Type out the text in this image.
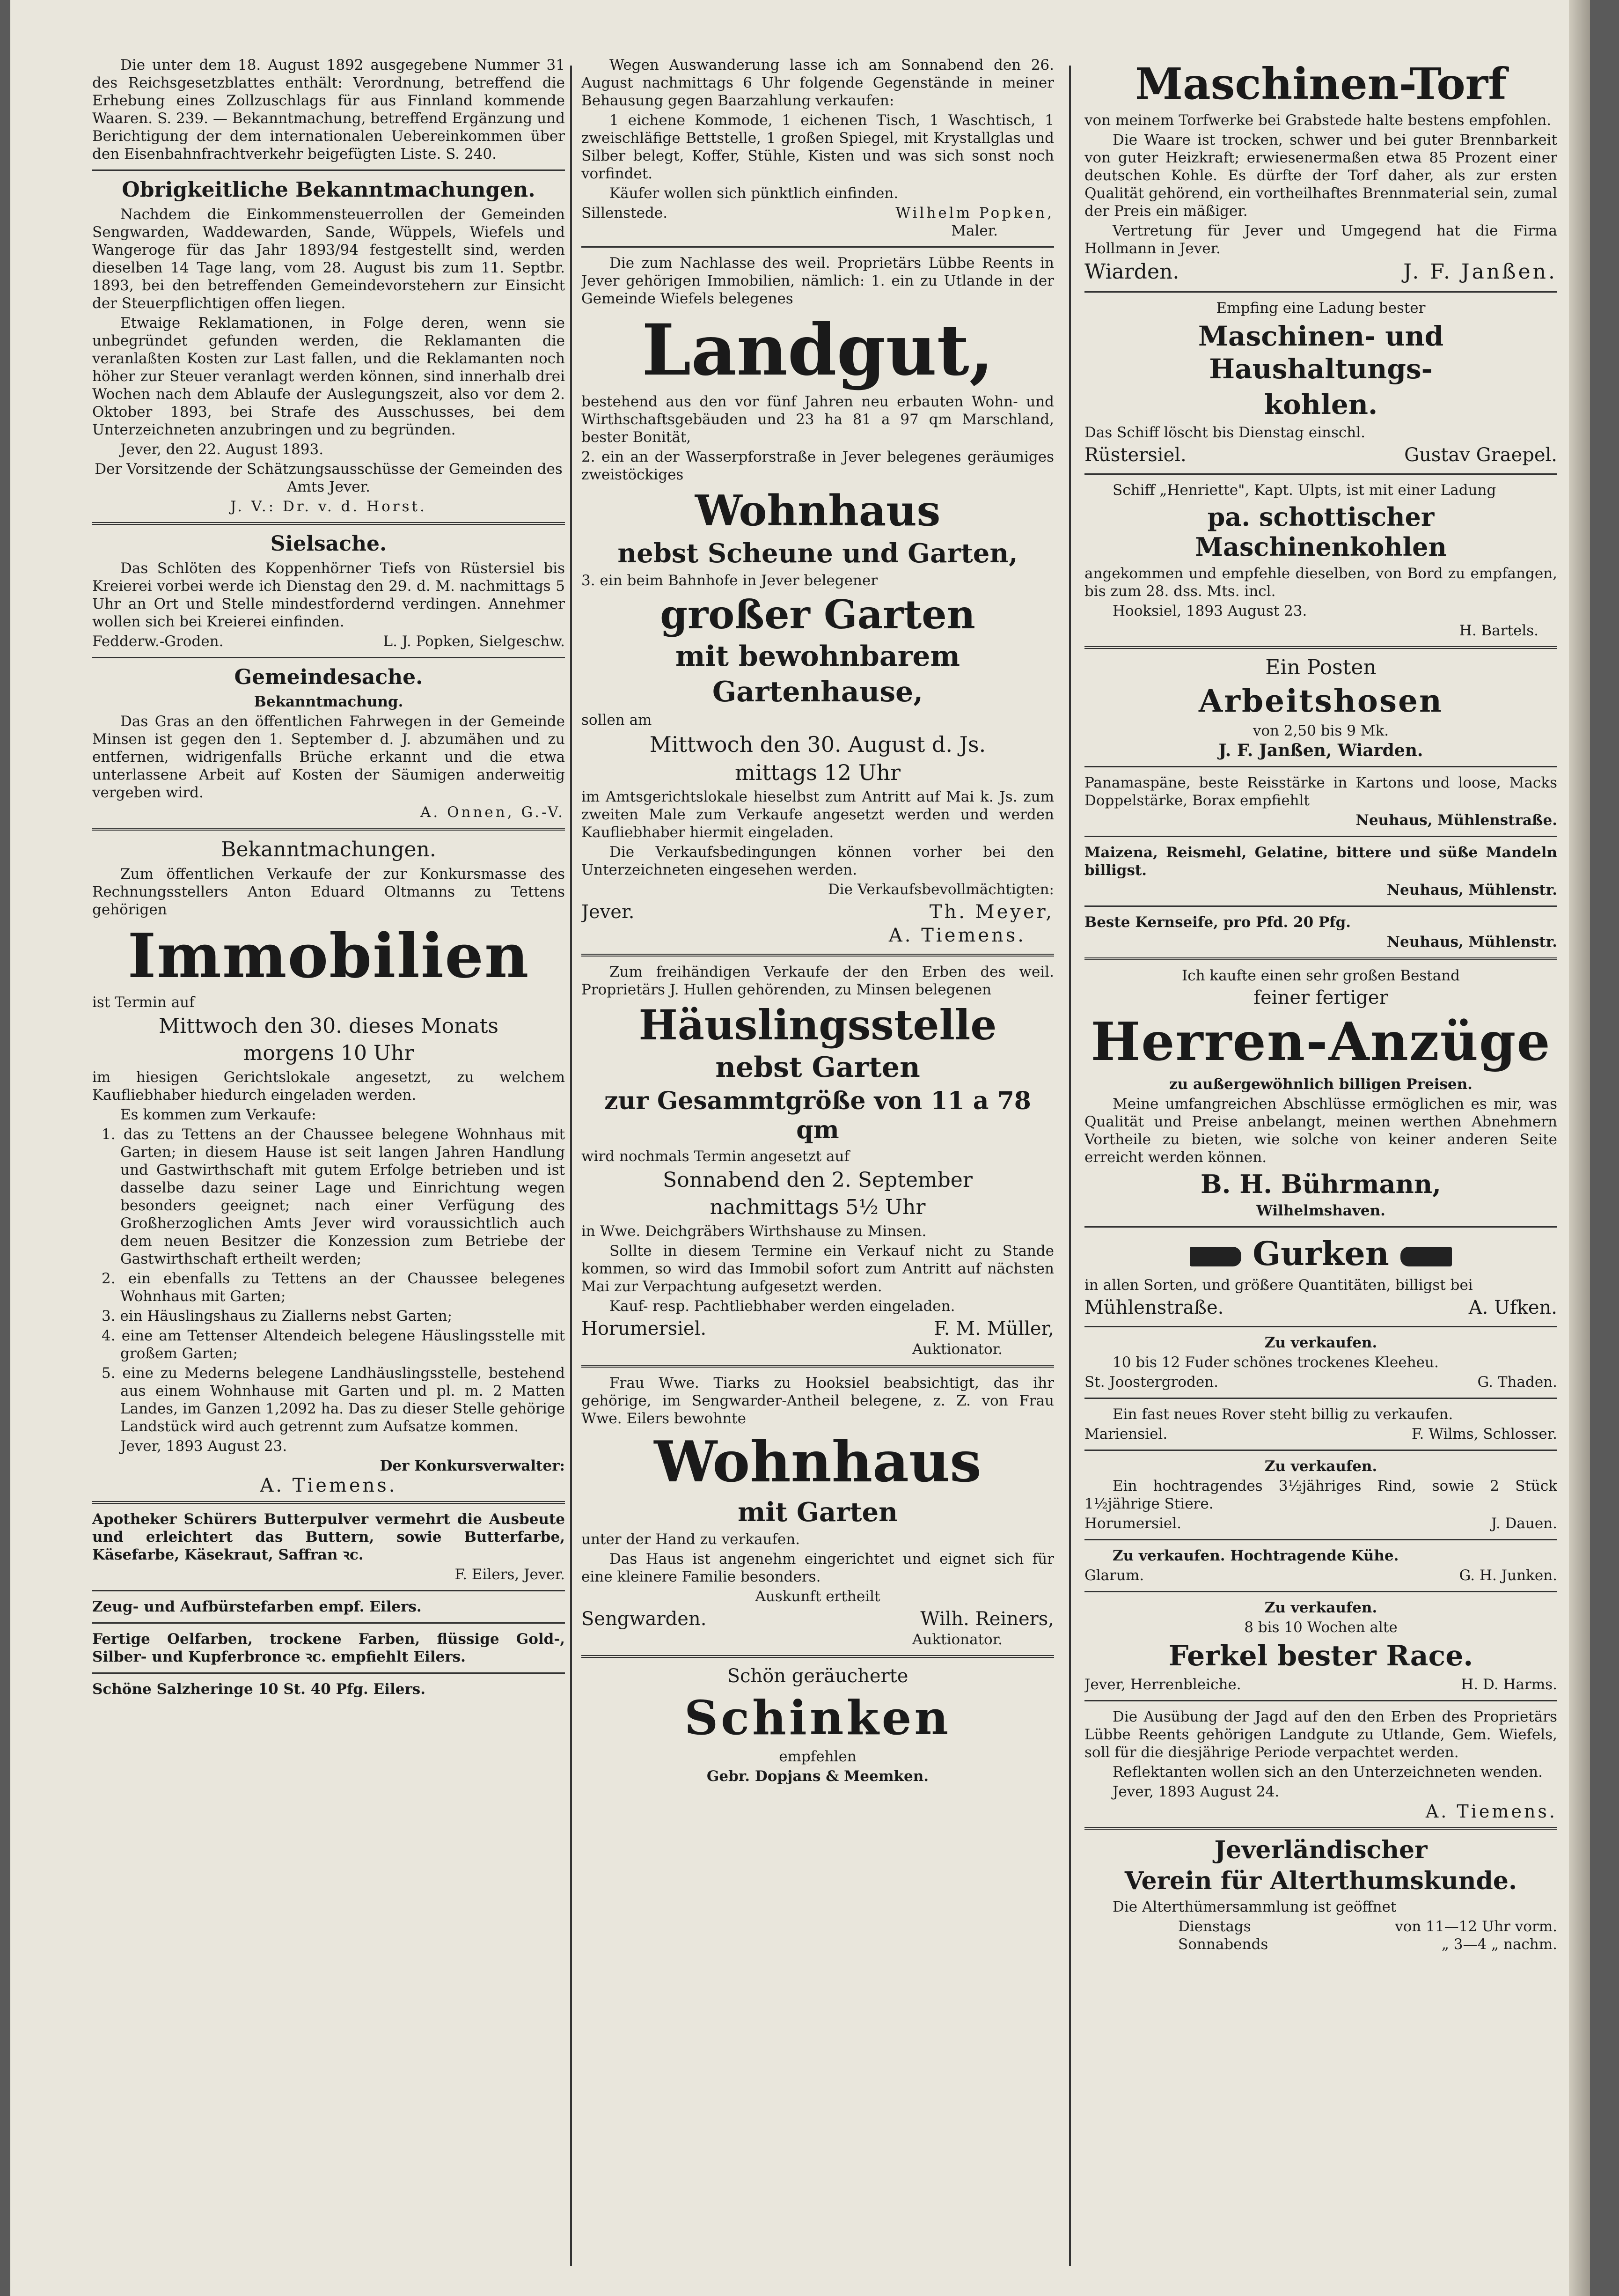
Die unter dem 18. August 1892 ausgegebene Nummer 31 des Reichsgesetzblattes enthält: Verordnung, betreffend die Erhebung eines Zollzuschlags für aus Finnland kommende Waaren. S. 239. — Bekanntmachung, betreffend Ergänzung und Berichtigung der dem internationalen Uebereinkommen über den Eisenbahnfrachtverkehr beigefügten Liste. S. 240.

Obrigkeitliche Bekanntmachungen.

Nachdem die Einkommensteuerrollen der Gemeinden Sengwarden, Waddewarden, Sande, Wüppels, Wiefels und Wangeroge für das Jahr 1893/94 festgestellt sind, werden dieselben 14 Tage lang, vom 28. August bis zum 11. Septbr. 1893, bei den betreffenden Gemeindevorstehern zur Einsicht der Steuerpflichtigen offen liegen.

Etwaige Reklamationen, in Folge deren, wenn sie unbegründet gefunden werden, die Reklamanten die veranlaßten Kosten zur Last fallen, und die Reklamanten noch höher zur Steuer veranlagt werden können, sind innerhalb drei Wochen nach dem Ablaufe der Auslegungszeit, also vor dem 2. Oktober 1893, bei Strafe des Ausschusses, bei dem Unterzeichneten anzubringen und zu begründen.

Jever, den 22. August 1893.

Der Vorsitzende der Schätzungsausschüsse der Gemeinden des Amts Jever.

J. V.: Dr. v. d. Horst.

Sielsache.

Das Schlöten des Koppenhörner Tiefs von Rüstersiel bis Kreierei vorbei werde ich Dienstag den 29. d. M. nachmittags 5 Uhr an Ort und Stelle mindestfordernd verdingen. Annehmer wollen sich bei Kreierei einfinden.

Fedderw.-Groden.	L. J. Popken, Sielgeschw.
Gemeindesache.

Bekanntmachung.

Das Gras an den öffentlichen Fahrwegen in der Gemeinde Minsen ist gegen den 1. September d. J. abzumähen und zu entfernen, widrigenfalls Brüche erkannt und die etwa unterlassene Arbeit auf Kosten der Säumigen anderweitig vergeben wird.

A. Onnen, G.-V.

Bekanntmachungen.

Zum öffentlichen Verkaufe der zur Konkursmasse des Rechnungsstellers Anton Eduard Oltmanns zu Tettens gehörigen

Immobilien

ist Termin auf

Mittwoch den 30. dieses Monats
morgens 10 Uhr

im hiesigen Gerichtslokale angesetzt, zu welchem Kaufliebhaber hiedurch eingeladen werden.

Es kommen zum Verkaufe:

1. das zu Tettens an der Chaussee belegene Wohnhaus mit Garten; in diesem Hause ist seit langen Jahren Handlung und Gastwirthschaft mit gutem Erfolge betrieben und ist dasselbe dazu seiner Lage und Einrichtung wegen besonders geeignet; nach einer Verfügung des Großherzoglichen Amts Jever wird voraussichtlich auch dem neuen Besitzer die Konzession zum Betriebe der Gastwirthschaft ertheilt werden;

2. ein ebenfalls zu Tettens an der Chaussee belegenes Wohnhaus mit Garten;

3. ein Häuslingshaus zu Ziallerns nebst Garten;

4. eine am Tettenser Altendeich belegene Häuslingsstelle mit großem Garten;

5. eine zu Mederns belegene Landhäuslingsstelle, bestehend aus einem Wohnhause mit Garten und pl. m. 2 Matten Landes, im Ganzen 1,2092 ha. Das zu dieser Stelle gehörige Landstück wird auch getrennt zum Aufsatze kommen.

Jever, 1893 August 23.

Der Konkursverwalter:

A. Tiemens.

Apotheker Schürers Butterpulver vermehrt die Ausbeute und erleichtert das Buttern, sowie Butterfarbe, Käsefarbe, Käsekraut, Saffran ꝛc.

F. Eilers, Jever.

Zeug- und Aufbürstefarben empf. Eilers.

Fertige Oelfarben, trockene Farben, flüssige Gold-, Silber- und Kupferbronce ꝛc. empfiehlt Eilers.

Schöne Salzheringe 10 St. 40 Pfg. Eilers.

Wegen Auswanderung lasse ich am Sonnabend den 26. August nachmittags 6 Uhr folgende Gegenstände in meiner Behausung gegen Baarzahlung verkaufen:

1 eichene Kommode, 1 eichenen Tisch, 1 Waschtisch, 1 zweischläfige Bettstelle, 1 großen Spiegel, mit Krystallglas und Silber belegt, Koffer, Stühle, Kisten und was sich sonst noch vorfindet.

Käufer wollen sich pünktlich einfinden.

Sillenstede.	Wilhelm Popken,

Maler.

Die zum Nachlasse des weil. Proprietärs Lübbe Reents in Jever gehörigen Immobilien, nämlich: 1. ein zu Utlande in der Gemeinde Wiefels belegenes

Landgut,

bestehend aus den vor fünf Jahren neu erbauten Wohn- und Wirthschaftsgebäuden und 23 ha 81 a 97 qm Marschland, bester Bonität,

2. ein an der Wasserpforstraße in Jever belegenes geräumiges zweistöckiges

Wohnhaus
nebst Scheune und Garten,

3. ein beim Bahnhofe in Jever belegener

großer Garten
mit bewohnbarem
Gartenhause,

sollen am

Mittwoch den 30. August d. Js.
mittags 12 Uhr

im Amtsgerichtslokale hieselbst zum Antritt auf Mai k. Js. zum zweiten Male zum Verkaufe angesetzt werden und werden Kaufliebhaber hiermit eingeladen.

Die Verkaufsbedingungen können vorher bei den Unterzeichneten eingesehen werden.

Die Verkaufsbevollmächtigten:

Jever.	Th. Meyer,

A. Tiemens.

Zum freihändigen Verkaufe der den Erben des weil. Proprietärs J. Hullen gehörenden, zu Minsen belegenen

Häuslingsstelle
nebst Garten
zur Gesammtgröße von 11 a 78 qm

wird nochmals Termin angesetzt auf

Sonnabend den 2. September
nachmittags 5½ Uhr

in Wwe. Deichgräbers Wirthshause zu Minsen.

Sollte in diesem Termine ein Verkauf nicht zu Stande kommen, so wird das Immobil sofort zum Antritt auf nächsten Mai zur Verpachtung aufgesetzt werden.

Kauf- resp. Pachtliebhaber werden eingeladen.

Horumersiel.	F. M. Müller,

Auktionator.

Frau Wwe. Tiarks zu Hooksiel beabsichtigt, das ihr gehörige, im Sengwarder-Antheil belegene, z. Z. von Frau Wwe. Eilers bewohnte

Wohnhaus
mit Garten

unter der Hand zu verkaufen.

Das Haus ist angenehm eingerichtet und eignet sich für eine kleinere Familie besonders.

Auskunft ertheilt

Sengwarden.	Wilh. Reiners,

Auktionator.

Schön geräucherte

Schinken

empfehlen

Gebr. Dopjans & Meemken.

Maschinen-Torf

von meinem Torfwerke bei Grabstede halte bestens empfohlen.

Die Waare ist trocken, schwer und bei guter Brennbarkeit von guter Heizkraft; erwiesenermaßen etwa 85 Prozent einer deutschen Kohle. Es dürfte der Torf daher, als zur ersten Qualität gehörend, ein vortheilhaftes Brennmaterial sein, zumal der Preis ein mäßiger.

Vertretung für Jever und Umgegend hat die Firma Hollmann in Jever.

Wiarden.	J. F. Janßen.

Empfing eine Ladung bester

Maschinen- und Haushaltungs-
kohlen.

Das Schiff löscht bis Dienstag einschl.

Rüstersiel.	Gustav Graepel.

Schiff „Henriette", Kapt. Ulpts, ist mit einer Ladung

pa. schottischer Maschinenkohlen

angekommen und empfehle dieselben, von Bord zu empfangen, bis zum 28. dss. Mts. incl.

Hooksiel, 1893 August 23.

H. Bartels.

Ein Posten
Arbeitshosen

von 2,50 bis 9 Mk.

J. F. Janßen, Wiarden.

Panamaspäne, beste Reisstärke in Kartons und loose, Macks Doppelstärke, Borax empfiehlt

Neuhaus, Mühlenstraße.

Maizena, Reismehl, Gelatine, bittere und süße Mandeln billigst.

Neuhaus, Mühlenstr.

Beste Kernseife, pro Pfd. 20 Pfg.

Neuhaus, Mühlenstr.

Ich kaufte einen sehr großen Bestand

feiner fertiger

Herren-Anzüge

zu außergewöhnlich billigen Preisen.

Meine umfangreichen Abschlüsse ermöglichen es mir, was Qualität und Preise anbelangt, meinen werthen Abnehmern Vortheile zu bieten, wie solche von keiner anderen Seite erreicht werden können.

B. H. Bührmann,

Wilhelmshaven.

Gurken

in allen Sorten, und größere Quantitäten, billigst bei

Mühlenstraße.	A. Ufken.

Zu verkaufen.

10 bis 12 Fuder schönes trockenes Kleeheu.

St. Joostergroden.	G. Thaden.

Ein fast neues Rover steht billig zu verkaufen.

Mariensiel.	F. Wilms, Schlosser.

Zu verkaufen.

Ein hochtragendes 3½jähriges Rind, sowie 2 Stück 1½jährige Stiere.

Horumersiel.	J. Dauen.

Zu verkaufen. Hochtragende Kühe.

Glarum.	G. H. Junken.

Zu verkaufen.

8 bis 10 Wochen alte

Ferkel bester Race.
Jever, Herrenbleiche.	H. D. Harms.

Die Ausübung der Jagd auf den den Erben des Proprietärs Lübbe Reents gehörigen Landgute zu Utlande, Gem. Wiefels, soll für die diesjährige Periode verpachtet werden.

Reflektanten wollen sich an den Unterzeichneten wenden.

Jever, 1893 August 24.

A. Tiemens.

Jeverländischer
Verein für Alterthumskunde.

Die Alterthümersammlung ist geöffnet

Dienstags	von 11—12 Uhr vorm.
Sonnabends	„ 3—4 „ nachm.
